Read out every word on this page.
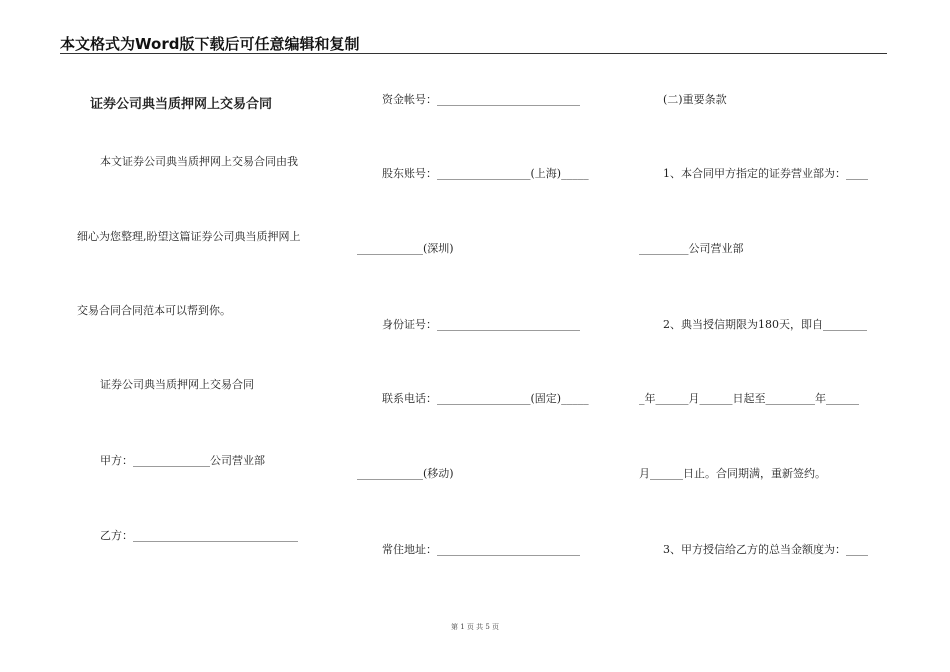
本文格式为Word版下载后可任意编辑和复制
证券公司典当质押网上交易合同
本文证券公司典当质押网上交易合同由我
细心为您整理,盼望这篇证券公司典当质押网上
交易合同合同范本可以帮到你。
证券公司典当质押网上交易合同
甲方：______________公司营业部
乙方：______________________________
资金帐号：__________________________
股东账号：_________________(上海)_____
____________(深圳)
身份证号：__________________________
联系电话：_________________(固定)_____
____________(移动)
常住地址：__________________________
(二)重要条款
1、本合同甲方指定的证券营业部为：____
_________公司营业部
2、典当授信期限为180天，即自________
_年______月______日起至_________年______
月______日止。合同期满，重新签约。
3、甲方授信给乙方的总当金额度为：____
第 1 页 共 5 页
